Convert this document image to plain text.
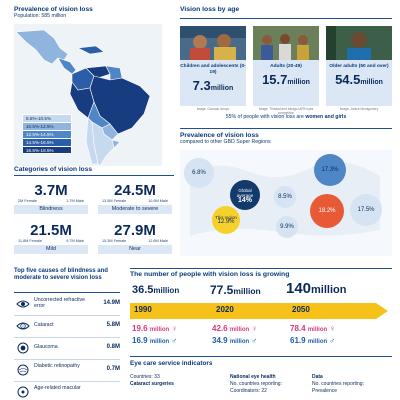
Prevalence of vision loss
Population: 585 million
8.5%-10.5%
10.5%-12.5%
12.5%-14.5%
14.5%-16.5%
16.5%-18.5%
Vision loss by age
Children and adolescents (0-19)
7.3million
Image: Gonzalo Arroyo
Adults (20-49)
15.7million
Image: Trinidad and tobago IAPB eyes competition
Older adults (50 and over)
54.5million
Image: Janice Montgomery
55% of people with vision loss are women and girls
Prevalence of vision loss
compared to other GBD Super Regions
6.8%	17.3%
Global average
14%	8.5%
This region
12.9%
18.2%	17.5%
9.9%
Categories of vision loss
3.7M
2M Female	1.7M Male
Blindness
24.5M
13.5M Female	10.9M Male
Moderate to severe
21.5M
11.8M Female	9.7M Male
Mild
27.9M
15.3M Female	12.6M Male
Near
Top five causes of blindness and moderate to severe vision loss
Uncorrected refractive error
14.9M
Cataract	5.8M
Glaucoma	0.8M
Diabetic retinopathy	0.7M
Age-related macular
The number of people with vision loss is growing
36.5million	77.5million 140million
1990	2020	2050
19.6 million ♀	42.6 million ♀	78.4 million ♀
16.9 million ♂	34.9 million ♂	61.9 million ♂
Eye care service indicators
Countries: 33
Cataract surgeries
National eye health
No. countries reporting:
Coordinators: 22
Data
No. countries reporting:
Prevalence
